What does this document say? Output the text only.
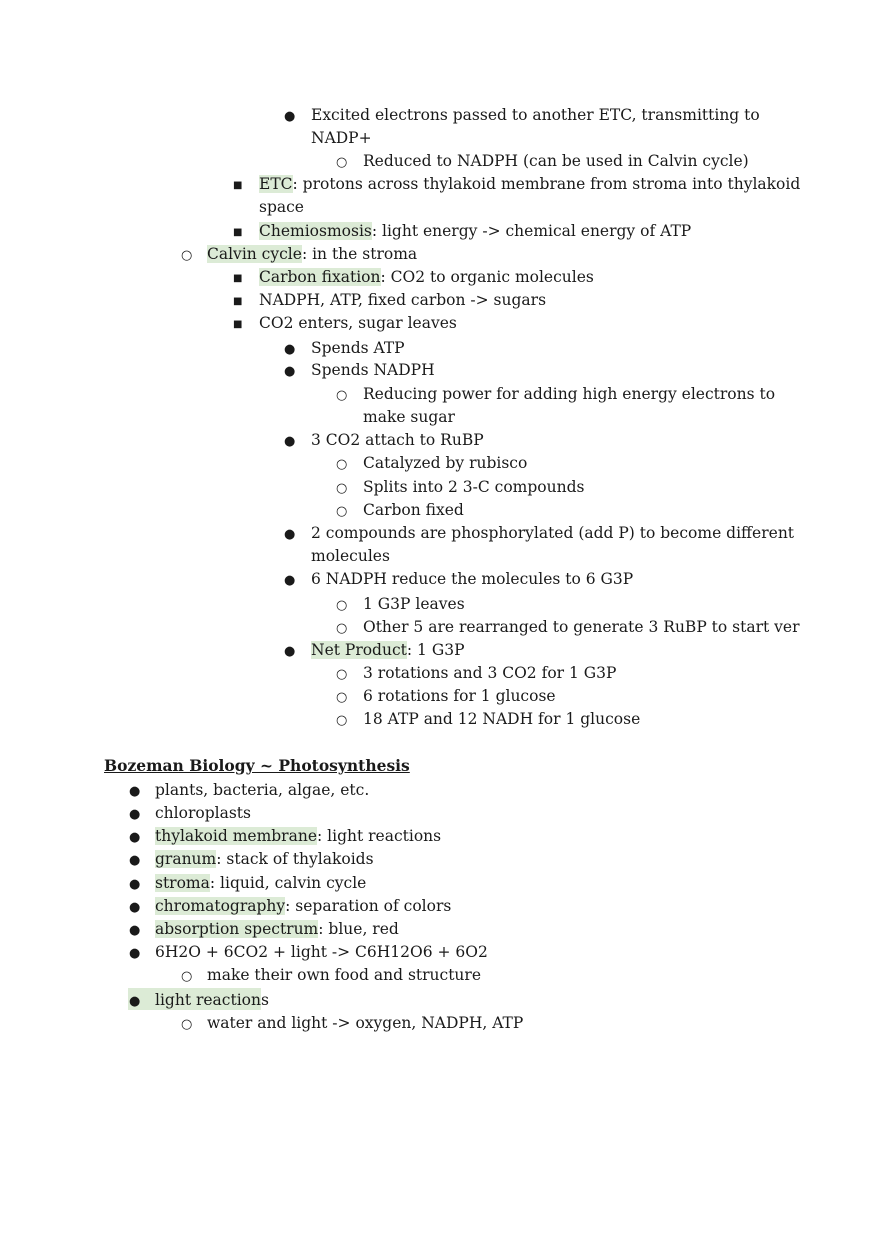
●
Excited electrons passed to another ETC, transmitting to
NADP+
○
Reduced to NADPH (can be used in Calvin cycle)
■
ETC: protons across thylakoid membrane from stroma into thylakoid
space
■
Chemiosmosis: light energy -> chemical energy of ATP
○
Calvin cycle: in the stroma
■
Carbon fixation: CO2 to organic molecules
■
NADPH, ATP, fixed carbon -> sugars
■
CO2 enters, sugar leaves
●
Spends ATP
●
Spends NADPH
○
Reducing power for adding high energy electrons to
make sugar
●
3 CO2 attach to RuBP
○
Catalyzed by rubisco
○
Splits into 2 3-C compounds
○
Carbon fixed
●
2 compounds are phosphorylated (add P) to become different
molecules
●
6 NADPH reduce the molecules to 6 G3P
○
1 G3P leaves
○
Other 5 are rearranged to generate 3 RuBP to start ver
●
Net Product: 1 G3P
○
3 rotations and 3 CO2 for 1 G3P
○
6 rotations for 1 glucose
○
18 ATP and 12 NADH for 1 glucose
Bozeman Biology ~ Photosynthesis
●
plants, bacteria, algae, etc.
●
chloroplasts
●
thylakoid membrane: light reactions
●
granum: stack of thylakoids
●
stroma: liquid, calvin cycle
●
chromatography: separation of colors
●
absorption spectrum: blue, red
●
6H2O + 6CO2 + light -> C6H12O6 + 6O2
○
make their own food and structure
●
light reactions
○
water and light -> oxygen, NADPH, ATP
